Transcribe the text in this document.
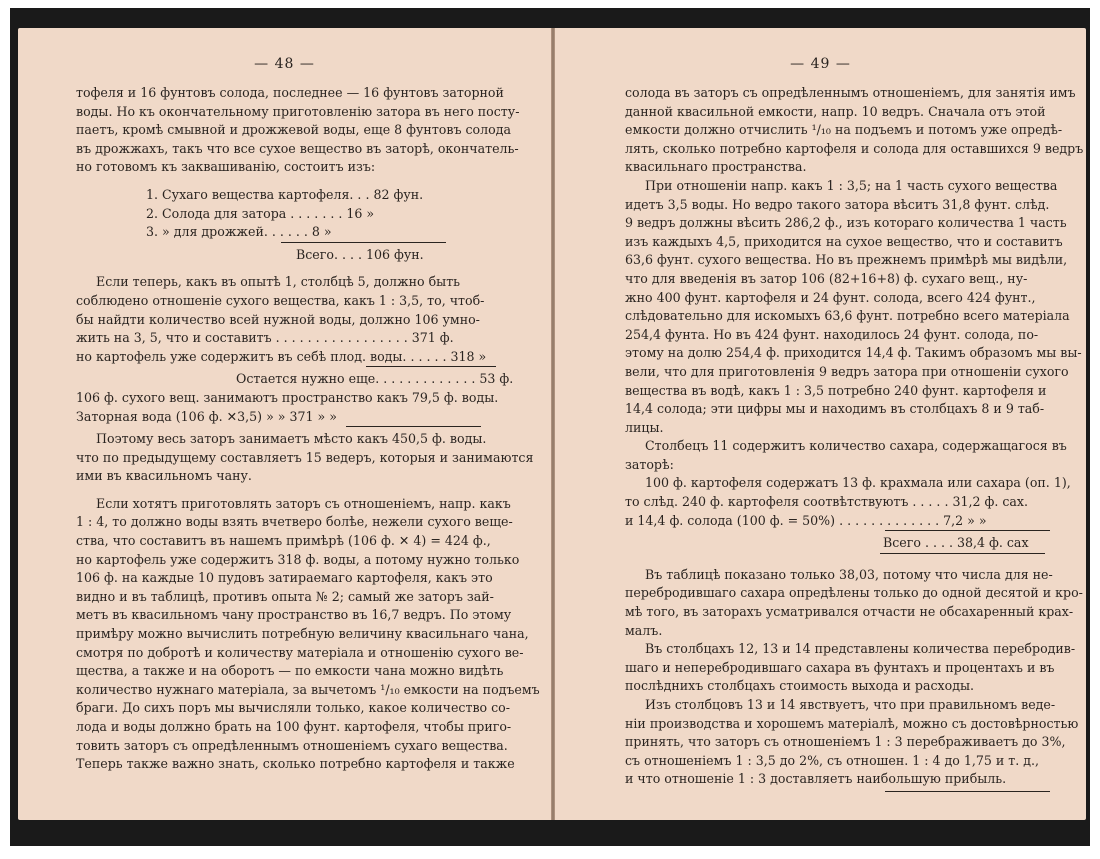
— 48 —
тофеля и 16 фунтовъ солода, последнее — 16 фунтовъ заторной
воды. Но къ окончательному приготовленію затора въ него посту-
паетъ, кромѣ смывной и дрожжевой воды, еще 8 фунтовъ солода
въ дрожжахъ, такъ что все сухое вещество въ заторѣ, окончатель-
но готовомъ къ заквашиванію, состоитъ изъ:
1. Сухаго вещества картофеля. . . 82 фун.
2. Солода для затора . . . . . . . 16 »
3. » для дрожжей. . . . . . 8 »
Всего. . . . 106 фун.
Если теперь, какъ въ опытѣ 1, столбцѣ 5, должно быть
соблюдено отношеніе сухого вещества, какъ 1 : 3,5, то, чтоб-
бы найдти количество всей нужной воды, должно 106 умно-
жить на 3, 5, что и составитъ . . . . . . . . . . . . . . . . . 371 ф.
но картофель уже содержитъ въ себѣ плод. воды. . . . . . 318 »
Остается нужно еще. . . . . . . . . . . . . 53 ф.
106 ф. сухого вещ. занимаютъ пространство какъ 79,5 ф. воды.
Заторная вода (106 ф. ✕3,5) » » 371 » »
Поэтому весь заторъ занимаетъ мѣсто какъ 450,5 ф. воды.
что по предыдущему составляетъ 15 ведеръ, которыя и занимаются
ими въ квасильномъ чану.
Если хотятъ приготовлять заторъ съ отношеніемъ, напр. какъ
1 : 4, то должно воды взять вчетверо болѣе, нежели сухого веще-
ства, что составитъ въ нашемъ примѣрѣ (106 ф. ✕ 4) = 424 ф.,
но картофель уже содержитъ 318 ф. воды, а потому нужно только
106 ф. на каждые 10 пудовъ затираемаго картофеля, какъ это
видно и въ таблицѣ, противъ опыта № 2; самый же заторъ зай-
метъ въ квасильномъ чану пространство въ 16,7 ведръ. По этому
примѣру можно вычислить потребную величину квасильнаго чана,
смотря по добротѣ и количеству матеріала и отношенію сухого ве-
щества, а также и на оборотъ — по емкости чана можно видѣть
количество нужнаго матеріала, за вычетомъ ¹/₁₀ емкости на подъемъ
браги. До сихъ поръ мы вычисляли только, какое количество со-
лода и воды должно брать на 100 фунт. картофеля, чтобы приго-
товить заторъ съ опредѣленнымъ отношеніемъ сухаго вещества.
Теперь также важно знать, сколько потребно картофеля и также
— 49 —
солода въ заторъ съ опредѣленнымъ отношеніемъ, для занятія имъ
данной квасильной емкости, напр. 10 ведръ. Сначала отъ этой
емкости должно отчислить ¹/₁₀ на подъемъ и потомъ уже опредѣ-
лять, сколько потребно картофеля и солода для оставшихся 9 ведръ
квасильнаго пространства.
При отношеніи напр. какъ 1 : 3,5; на 1 часть сухого вещества
идетъ 3,5 воды. Но ведро такого затора вѣситъ 31,8 фунт. слѣд.
9 ведръ должны вѣсить 286,2 ф., изъ котораго количества 1 часть
изъ каждыхъ 4,5, приходится на сухое вещество, что и составитъ
63,6 фунт. сухого вещества. Но въ прежнемъ примѣрѣ мы видѣли,
что для введенія въ затор 106 (82+16+8) ф. сухаго вещ., ну-
жно 400 фунт. картофеля и 24 фунт. солода, всего 424 фунт.,
слѣдовательно для искомыхъ 63,6 фунт. потребно всего матеріала
254,4 фунта. Но въ 424 фунт. находилось 24 фунт. солода, по-
этому на долю 254,4 ф. приходится 14,4 ф. Такимъ образомъ мы вы-
вели, что для приготовленія 9 ведръ затора при отношеніи сухого
вещества въ водѣ, какъ 1 : 3,5 потребно 240 фунт. картофеля и
14,4 солода; эти цифры мы и находимъ въ столбцахъ 8 и 9 таб-
лицы.
Столбецъ 11 содержитъ количество сахара, содержащагося въ
заторѣ:
100 ф. картофеля содержатъ 13 ф. крахмала или сахара (оп. 1),
то слѣд. 240 ф. картофеля соотвѣтствуютъ . . . . . 31,2 ф. сах.
и 14,4 ф. солода (100 ф. = 50%) . . . . . . . . . . . . . 7,2 » »
Всего . . . . 38,4 ф. сах
Въ таблицѣ показано только 38,03, потому что числа для не-
перебродившаго сахара опредѣлены только до одной десятой и кро-
мѣ того, въ заторахъ усматривался отчасти не обсахаренный крах-
малъ.
Въ столбцахъ 12, 13 и 14 представлены количества перебродив-
шаго и неперебродившаго сахара въ фунтахъ и процентахъ и въ
послѣднихъ столбцахъ стоимость выхода и расходы.
Изъ столбцовъ 13 и 14 явствуетъ, что при правильномъ веде-
ніи производства и хорошемъ матеріалѣ, можно съ достовѣрностью
принять, что заторъ съ отношеніемъ 1 : 3 перебраживаетъ до 3%,
съ отношеніемъ 1 : 3,5 до 2%, съ отношен. 1 : 4 до 1,75 и т. д.,
и что отношеніе 1 : 3 доставляетъ наибольшую прибыль.
